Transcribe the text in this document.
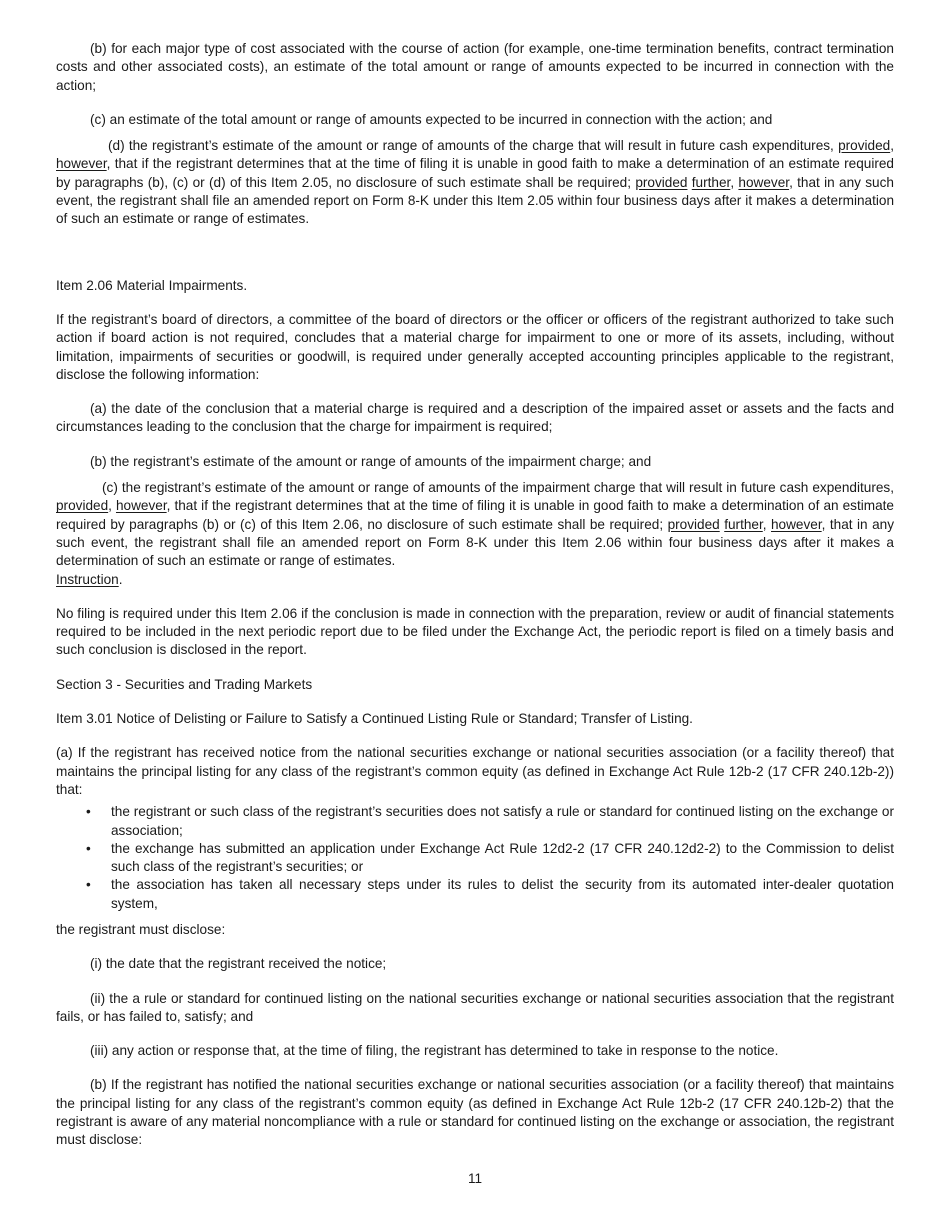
(b) for each major type of cost associated with the course of action (for example, one-time termination benefits, contract termination costs and other associated costs), an estimate of the total amount or range of amounts expected to be incurred in connection with the action;

(c) an estimate of the total amount or range of amounts expected to be incurred in connection with the action; and

(d) the registrant’s estimate of the amount or range of amounts of the charge that will result in future cash expenditures, provided, however, that if the registrant determines that at the time of filing it is unable in good faith to make a determination of an estimate required by paragraphs (b), (c) or (d) of this Item 2.05, no disclosure of such estimate shall be required; provided further, however, that in any such event, the registrant shall file an amended report on Form 8-K under this Item 2.05 within four business days after it makes a determination of such an estimate or range of estimates.

Item 2.06 Material Impairments.

If the registrant’s board of directors, a committee of the board of directors or the officer or officers of the registrant authorized to take such action if board action is not required, concludes that a material charge for impairment to one or more of its assets, including, without limitation, impairments of securities or goodwill, is required under generally accepted accounting principles applicable to the registrant, disclose the following information:

(a) the date of the conclusion that a material charge is required and a description of the impaired asset or assets and the facts and circumstances leading to the conclusion that the charge for impairment is required;

(b) the registrant’s estimate of the amount or range of amounts of the impairment charge; and

(c) the registrant’s estimate of the amount or range of amounts of the impairment charge that will result in future cash expenditures, provided, however, that if the registrant determines that at the time of filing it is unable in good faith to make a determination of an estimate required by paragraphs (b) or (c) of this Item 2.06, no disclosure of such estimate shall be required; provided further, however, that in any such event, the registrant shall file an amended report on Form 8-K under this Item 2.06 within four business days after it makes a determination of such an estimate or range of estimates.

Instruction.

No filing is required under this Item 2.06 if the conclusion is made in connection with the preparation, review or audit of financial statements required to be included in the next periodic report due to be filed under the Exchange Act, the periodic report is filed on a timely basis and such conclusion is disclosed in the report.

Section 3 - Securities and Trading Markets

Item 3.01 Notice of Delisting or Failure to Satisfy a Continued Listing Rule or Standard; Transfer of Listing.

(a) If the registrant has received notice from the national securities exchange or national securities association (or a facility thereof) that maintains the principal listing for any class of the registrant’s common equity (as defined in Exchange Act Rule 12b-2 (17 CFR 240.12b-2)) that:

• the registrant or such class of the registrant’s securities does not satisfy a rule or standard for continued listing on the exchange or association;
• the exchange has submitted an application under Exchange Act Rule 12d2-2 (17 CFR 240.12d2-2) to the Commission to delist such class of the registrant’s securities; or
• the association has taken all necessary steps under its rules to delist the security from its automated inter-dealer quotation system,

the registrant must disclose:

(i) the date that the registrant received the notice;

(ii) the a rule or standard for continued listing on the national securities exchange or national securities association that the registrant fails, or has failed to, satisfy; and

(iii) any action or response that, at the time of filing, the registrant has determined to take in response to the notice.

(b) If the registrant has notified the national securities exchange or national securities association (or a facility thereof) that maintains the principal listing for any class of the registrant’s common equity (as defined in Exchange Act Rule 12b-2 (17 CFR 240.12b-2) that the registrant is aware of any material noncompliance with a rule or standard for continued listing on the exchange or association, the registrant must disclose:

11
